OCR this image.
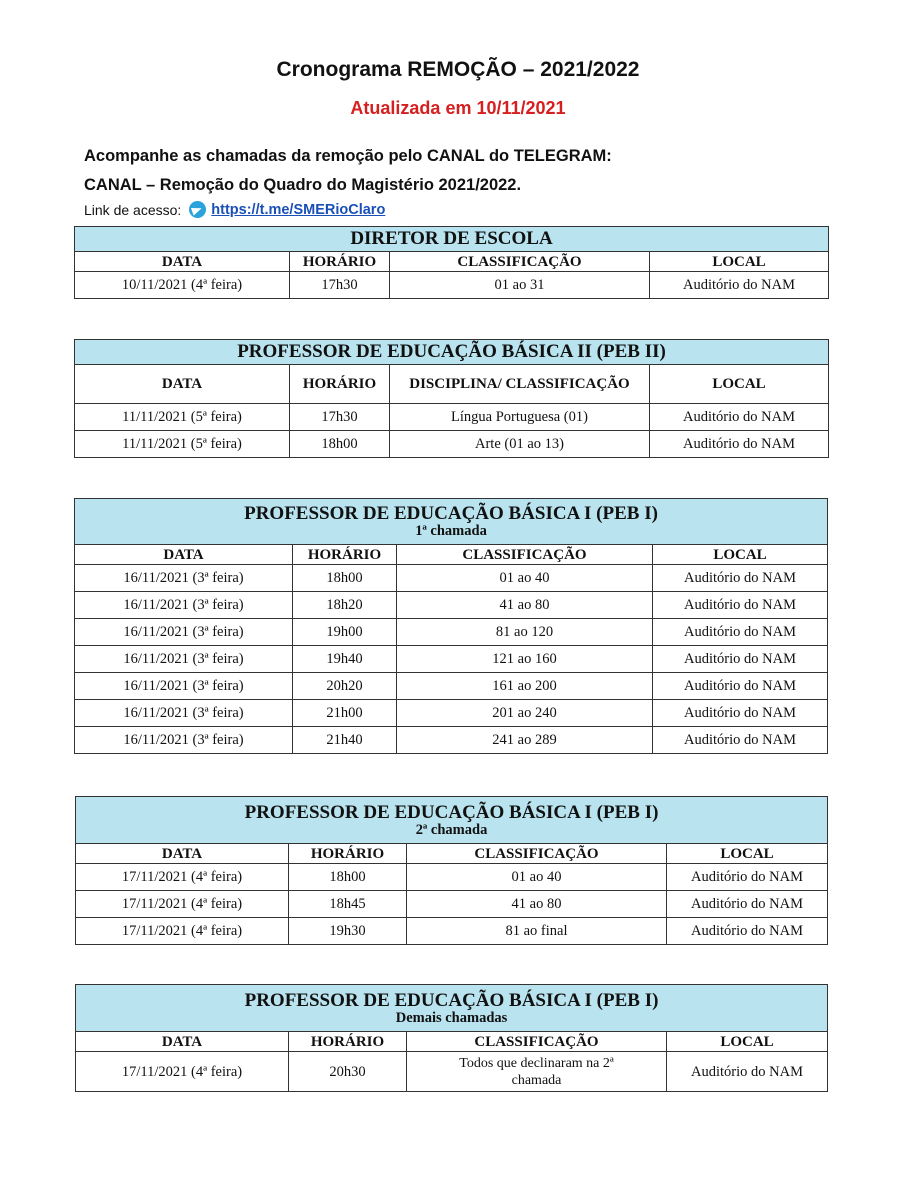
Cronograma REMOÇÃO – 2021/2022
Atualizada em 10/11/2021
Acompanhe as chamadas da remoção pelo CANAL do TELEGRAM:
CANAL – Remoção do Quadro do Magistério 2021/2022.
Link de acesso: https://t.me/SMERioClaro
DIRETOR DE ESCOLA			
DATA	HORÁRIO	CLASSIFICAÇÃO	LOCAL
10/11/2021 (4ª feira)	17h30	01 ao 31	Auditório do NAM
PROFESSOR DE EDUCAÇÃO BÁSICA II (PEB II)			
DATA	HORÁRIO	DISCIPLINA/ CLASSIFICAÇÃO	LOCAL
11/11/2021 (5ª feira)	17h30	Língua Portuguesa (01)	Auditório do NAM
11/11/2021 (5ª feira)	18h00	Arte (01 ao 13)	Auditório do NAM
PROFESSOR DE EDUCAÇÃO BÁSICA I (PEB I)
1ª chamada			

DATA	HORÁRIO	CLASSIFICAÇÃO	LOCAL
16/11/2021 (3ª feira)	18h00	01 ao 40	Auditório do NAM
16/11/2021 (3ª feira)	18h20	41 ao 80	Auditório do NAM
16/11/2021 (3ª feira)	19h00	81 ao 120	Auditório do NAM
16/11/2021 (3ª feira)	19h40	121 ao 160	Auditório do NAM
16/11/2021 (3ª feira)	20h20	161 ao 200	Auditório do NAM
16/11/2021 (3ª feira)	21h00	201 ao 240	Auditório do NAM
16/11/2021 (3ª feira)	21h40	241 ao 289	Auditório do NAM
PROFESSOR DE EDUCAÇÃO BÁSICA I (PEB I)
2ª chamada			

DATA	HORÁRIO	CLASSIFICAÇÃO	LOCAL
17/11/2021 (4ª feira)	18h00	01 ao 40	Auditório do NAM
17/11/2021 (4ª feira)	18h45	41 ao 80	Auditório do NAM
17/11/2021 (4ª feira)	19h30	81 ao final	Auditório do NAM
PROFESSOR DE EDUCAÇÃO BÁSICA I (PEB I)
Demais chamadas			

DATA	HORÁRIO	CLASSIFICAÇÃO	LOCAL
17/11/2021 (4ª feira)	20h30	Todos que declinaram na 2ª chamada	Auditório do NAM
